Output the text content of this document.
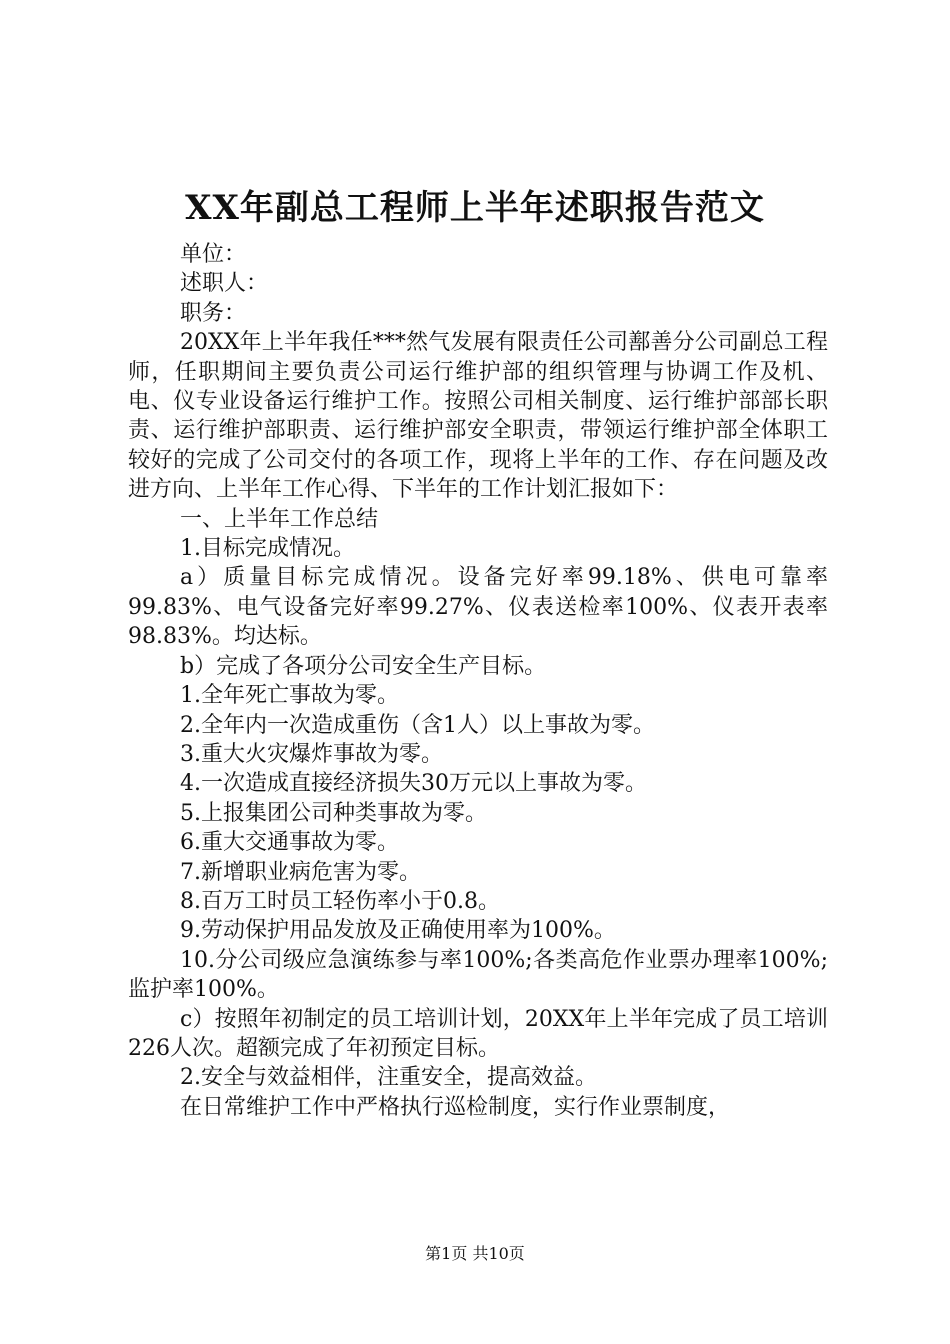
XX年副总工程师上半年述职报告范文

单位：

述职人：

职务：

20XX年上半年我任***然气发展有限责任公司鄯善分公司副总工程师，任职期间主要负责公司运行维护部的组织管理与协调工作及机、电、仪专业设备运行维护工作。按照公司相关制度、运行维护部部长职责、运行维护部职责、运行维护部安全职责，带领运行维护部全体职工较好的完成了公司交付的各项工作，现将上半年的工作、存在问题及改进方向、上半年工作心得、下半年的工作计划汇报如下：

一、上半年工作总结

1.目标完成情况。

a）质量目标完成情况。设备完好率99.18%、供电可靠率99.83%、电气设备完好率99.27%、仪表送检率100%、仪表开表率98.83%。均达标。

b）完成了各项分公司安全生产目标。

1.全年死亡事故为零。

2.全年内一次造成重伤（含1人）以上事故为零。

3.重大火灾爆炸事故为零。

4.一次造成直接经济损失30万元以上事故为零。

5.上报集团公司种类事故为零。

6.重大交通事故为零。

7.新增职业病危害为零。

8.百万工时员工轻伤率小于0.8。

9.劳动保护用品发放及正确使用率为100%。

10.分公司级应急演练参与率100%;各类高危作业票办理率100%;监护率100%。

c）按照年初制定的员工培训计划，20XX年上半年完成了员工培训226人次。超额完成了年初预定目标。

2.安全与效益相伴，注重安全，提高效益。

在日常维护工作中严格执行巡检制度，实行作业票制度，

第1页 共10页
